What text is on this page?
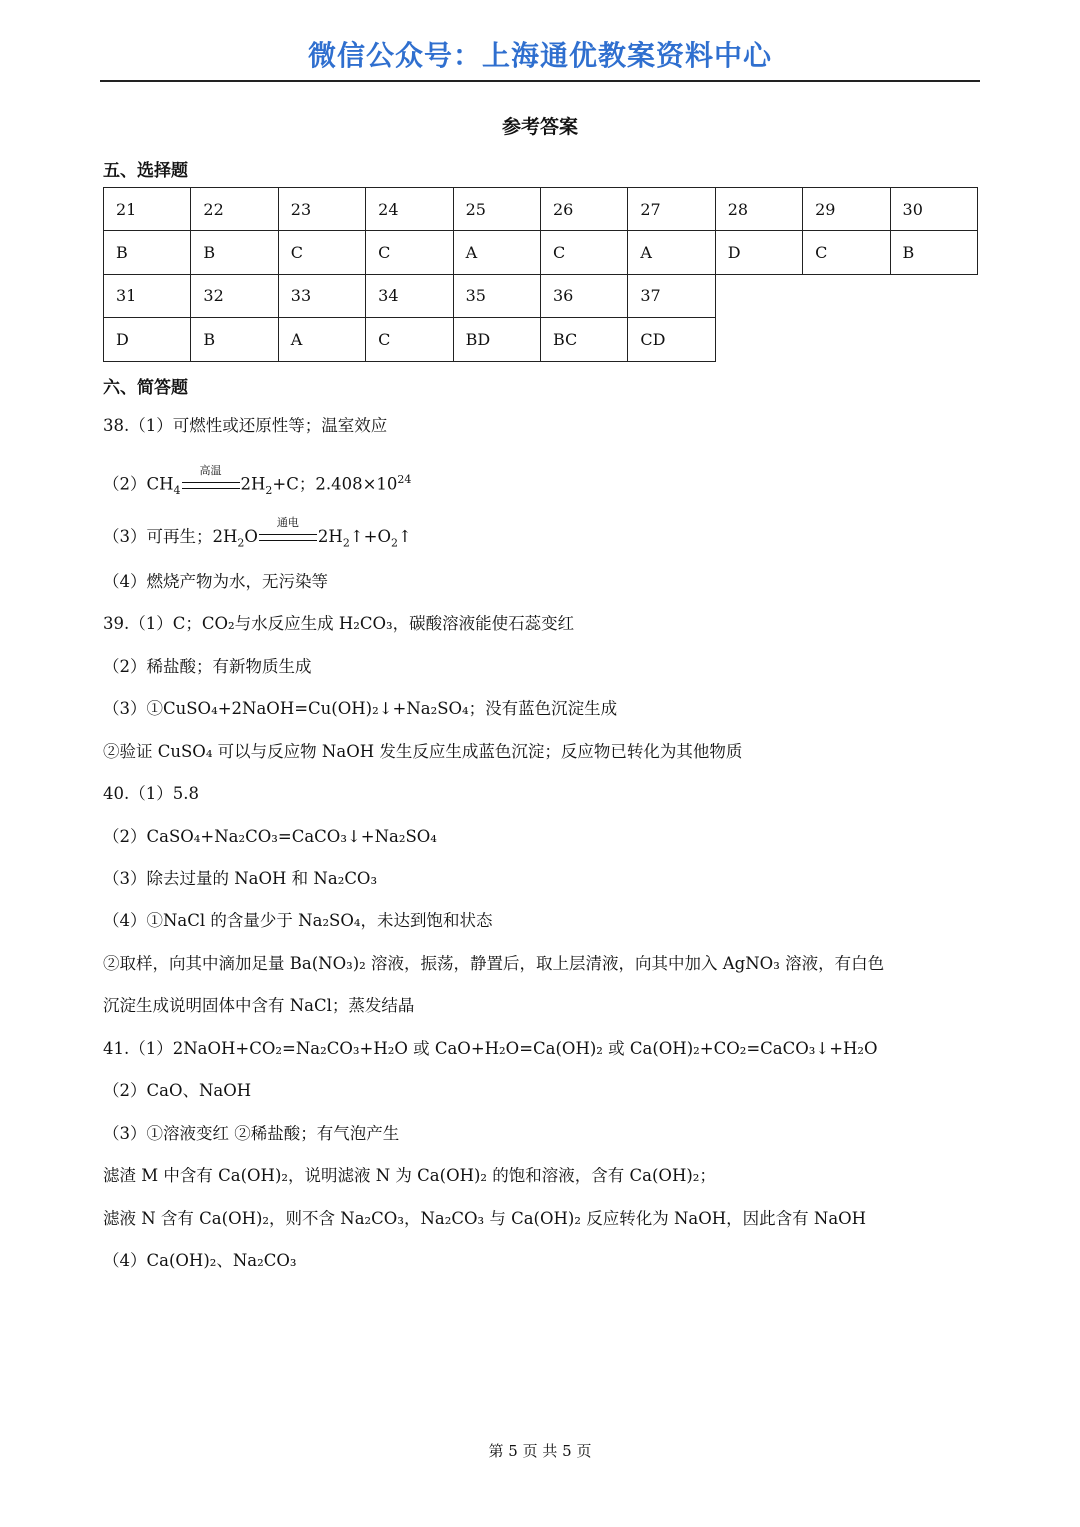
微信公众号：上海通优教案资料中心
参考答案
五、选择题
21	22	23	24	25	26	27	28	29	30
B	B	C	C	A	C	A	D	C	B
31	32	33	34	35	36	37			
D	B	A	C	BD	BC	CD			
六、简答题
38.（1）可燃性或还原性等；温室效应
$(2)CH_4$
高温
$2H_2+C$；$2.408\times 10^{24}$
（3）可再生；$2H_2O$
通电
$2H_2↑+O_2↑$
（4）燃烧产物为水，无污染等
39.（1）C；CO₂与水反应生成 H₂CO₃，碳酸溶液能使石蕊变红
（2）稀盐酸；有新物质生成
（3）①CuSO₄+2NaOH=Cu(OH)₂↓+Na₂SO₄；没有蓝色沉淀生成
②验证 CuSO₄ 可以与反应物 NaOH 发生反应生成蓝色沉淀；反应物已转化为其他物质
40.（1）5.8
（2）CaSO₄+Na₂CO₃=CaCO₃↓+Na₂SO₄
（3）除去过量的 NaOH 和 Na₂CO₃
（4）①NaCl 的含量少于 Na₂SO₄，未达到饱和状态
②取样，向其中滴加足量 Ba(NO₃)₂ 溶液，振荡，静置后，取上层清液，向其中加入 AgNO₃ 溶液，有白色
沉淀生成说明固体中含有 NaCl；蒸发结晶
41.（1）2NaOH+CO₂=Na₂CO₃+H₂O 或 CaO+H₂O=Ca(OH)₂ 或 Ca(OH)₂+CO₂=CaCO₃↓+H₂O
（2）CaO、NaOH
（3）①溶液变红 ②稀盐酸；有气泡产生
滤渣 M 中含有 Ca(OH)₂，说明滤液 N 为 Ca(OH)₂ 的饱和溶液，含有 Ca(OH)₂；
滤液 N 含有 Ca(OH)₂，则不含 Na₂CO₃，Na₂CO₃ 与 Ca(OH)₂ 反应转化为 NaOH，因此含有 NaOH
（4）Ca(OH)₂、Na₂CO₃
第 5 页 共 5 页
